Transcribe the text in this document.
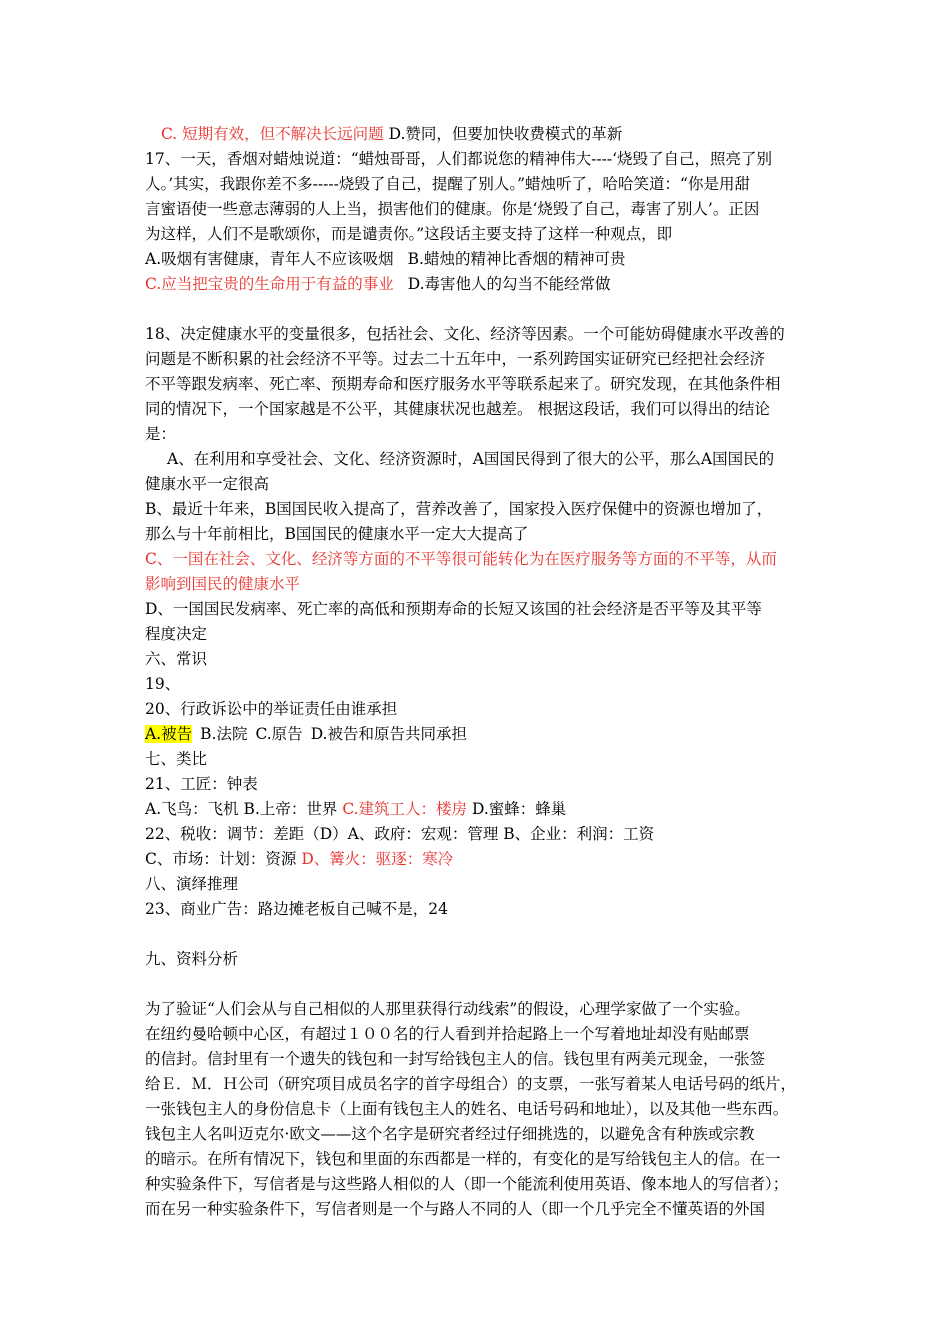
C. 短期有效，但不解决长远问题 D.赞同，但要加快收费模式的革新
17、一天，香烟对蜡烛说道：“蜡烛哥哥，人们都说您的精神伟大----‘烧毁了自己，照亮了别
人。’其实，我跟你差不多-----烧毁了自己，提醒了别人。”蜡烛听了，哈哈笑道：“你是用甜
言蜜语使一些意志薄弱的人上当，损害他们的健康。你是‘烧毁了自己，毒害了别人’。正因
为这样，人们不是歌颂你，而是谴责你。”这段话主要支持了这样一种观点，即
A.吸烟有害健康，青年人不应该吸烟 B.蜡烛的精神比香烟的精神可贵
C.应当把宝贵的生命用于有益的事业 D.毒害他人的勾当不能经常做
18、决定健康水平的变量很多，包括社会、文化、经济等因素。一个可能妨碍健康水平改善的
问题是不断积累的社会经济不平等。过去二十五年中，一系列跨国实证研究已经把社会经济
不平等跟发病率、死亡率、预期寿命和医疗服务水平等联系起来了。研究发现，在其他条件相
同的情况下，一个国家越是不公平，其健康状况也越差。 根据这段话，我们可以得出的结论
是：
A、在利用和享受社会、文化、经济资源时，A国国民得到了很大的公平，那么A国国民的
健康水平一定很高
B、最近十年来，B国国民收入提高了，营养改善了，国家投入医疗保健中的资源也增加了，
那么与十年前相比，B国国民的健康水平一定大大提高了
C、一国在社会、文化、经济等方面的不平等很可能转化为在医疗服务等方面的不平等，从而
影响到国民的健康水平
D、一国国民发病率、死亡率的高低和预期寿命的长短又该国的社会经济是否平等及其平等
程度决定
六、常识
19、
20、行政诉讼中的举证责任由谁承担
A.被告 B.法院 C.原告 D.被告和原告共同承担
七、类比
21、工匠：钟表
A.飞鸟：飞机 B.上帝：世界 C.建筑工人：楼房 D.蜜蜂：蜂巢
22、税收：调节：差距（D）A、政府：宏观：管理 B、企业：利润：工资
C、市场：计划：资源 D、篝火：驱逐：寒冷
八、演绎推理
23、商业广告：路边摊老板自己喊不是，24
九、资料分析
为了验证“人们会从与自己相似的人那里获得行动线索”的假设，心理学家做了一个实验。
在纽约曼哈顿中心区，有超过１００名的行人看到并拾起路上一个写着地址却没有贴邮票
的信封。信封里有一个遗失的钱包和一封写给钱包主人的信。钱包里有两美元现金，一张签
给Ｅ．Ｍ．Ｈ公司（研究项目成员名字的首字母组合）的支票，一张写着某人电话号码的纸片，
一张钱包主人的身份信息卡（上面有钱包主人的姓名、电话号码和地址），以及其他一些东西。
钱包主人名叫迈克尔·欧文——这个名字是研究者经过仔细挑选的，以避免含有种族或宗教
的暗示。在所有情况下，钱包和里面的东西都是一样的，有变化的是写给钱包主人的信。在一
种实验条件下，写信者是与这些路人相似的人（即一个能流利使用英语、像本地人的写信者）；
而在另一种实验条件下，写信者则是一个与路人不同的人（即一个几乎完全不懂英语的外国
